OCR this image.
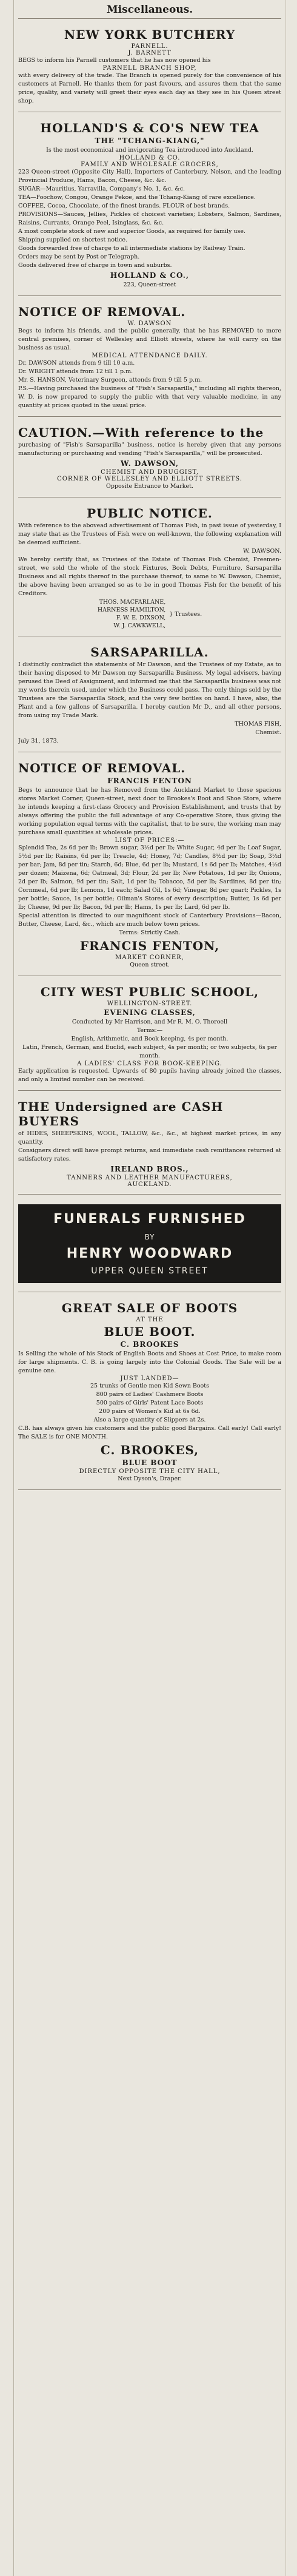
Miscellaneous.
NEW YORK BUTCHERY
PARNELL.
J. BARNETT

BEGS to inform his Parnell customers that he has now opened his

PARNELL BRANCH SHOP,

with every delivery of the trade. The Branch is opened purely for the convenience of his customers at Parnell. He thanks them for past favours, and assures them that the same price, quality, and variety will greet their eyes each day as they see in his Queen street shop.

HOLLAND'S & CO'S NEW TEA
THE "TCHANG-KIANG,"

Is the most economical and invigorating Tea introduced into Auckland.

HOLLAND & CO.
FAMILY AND WHOLESALE GROCERS,

223 Queen-street (Opposite City Hall), Importers of Canterbury, Nelson, and the leading Provincial Produce, Hams, Bacon, Cheese, &c. &c.

SUGAR—Mauritius, Yarravilla, Company's No. 1, &c. &c.

TEA—Foochow, Congou, Orange Pekoe, and the Tchang-Kiang of rare excellence.

COFFEE, Cocoa, Chocolate, of the finest brands. FLOUR of best brands.

PROVISIONS—Sauces, Jellies, Pickles of choicest varieties; Lobsters, Salmon, Sardines, Raisins, Currants, Orange Peel, Isinglass, &c. &c.

A most complete stock of new and superior Goods, as required for family use.

Shipping supplied on shortest notice.

Goods forwarded free of charge to all intermediate stations by Railway Train.

Orders may be sent by Post or Telegraph.

Goods delivered free of charge in town and suburbs.

HOLLAND & CO.,

223, Queen-street

NOTICE OF REMOVAL.
W. DAWSON

Begs to inform his friends, and the public generally, that he has REMOVED to more central premises, corner of Wellesley and Elliott streets, where he will carry on the business as usual.

MEDICAL ATTENDANCE DAILY.

Dr. DAWSON attends from 9 till 10 a.m.

Dr. WRIGHT attends from 12 till 1 p.m.

Mr. S. HANSON, Veterinary Surgeon, attends from 9 till 5 p.m.

P.S.—Having purchased the business of "Fish's Sarsaparilla," including all rights thereon, W. D. is now prepared to supply the public with that very valuable medicine, in any quantity at prices quoted in the usual price.

CAUTION.—With reference to the

purchasing of "Fish's Sarsaparilla" business, notice is hereby given that any persons manufacturing or purchasing and vending "Fish's Sarsaparilla," will be prosecuted.

W. DAWSON,
CHEMIST AND DRUGGIST,
CORNER OF WELLESLEY AND ELLIOTT STREETS.

Opposite Entrance to Market.

PUBLIC NOTICE.

With reference to the abovead advertisement of Thomas Fish, in past issue of yesterday, I may state that as the Trustees of Fish were on well-known, the following explanation will be deemed sufficient.

W. DAWSON.

We hereby certify that, as Trustees of the Estate of Thomas Fish Chemist, Freemen-street, we sold the whole of the stock Fixtures, Book Debts, Furniture, Sarsaparilla Business and all rights thereof in the purchase thereof, to same to W. Dawson, Chemist, the above having been arranged so as to be in good Thomas Fish for the benefit of his Creditors.

THOS. MACFARLANE,
HARNESS HAMILTON,
F. W. E. DIXSON,
W. J. CAWKWELL,
} Trustees.
SARSAPARILLA.

I distinctly contradict the statements of Mr Dawson, and the Trustees of my Estate, as to their having disposed to Mr Dawson my Sarsaparilla Business. My legal advisers, having perused the Deed of Assignment, and informed me that the Sarsaparilla business was not my words therein used, under which the Business could pass. The only things sold by the Trustees are the Sarsaparilla Stock, and the very few bottles on hand. I have, also, the Plant and a few gallons of Sarsaparilla. I hereby caution Mr D., and all other persons, from using my Trade Mark.

THOMAS FISH,

Chemist.

July 31, 1873.

NOTICE OF REMOVAL.
FRANCIS FENTON

Begs to announce that he has Removed from the Auckland Market to those spacious stores Market Corner, Queen-street, next door to Brookes's Boot and Shoe Store, where he intends keeping a first-class Grocery and Provision Establishment, and trusts that by always offering the public the full advantage of any Co-operative Store, thus giving the working population equal terms with the capitalist, that to be sure, the working man may purchase small quantities at wholesale prices.

LIST OF PRICES:—

Splendid Tea, 2s 6d per lb; Brown sugar, 3½d per lb; White Sugar, 4d per lb; Loaf Sugar, 5½d per lb; Raisins, 6d per lb; Treacle, 4d; Honey, 7d; Candles, 8½d per lb; Soap, 3½d per bar; Jam, 8d per tin; Starch, 6d; Blue, 6d per lb; Mustard, 1s 6d per lb; Matches, 4½d per dozen; Maizena, 6d; Oatmeal, 3d; Flour, 2d per lb; New Potatoes, 1d per lb; Onions, 2d per lb; Salmon, 9d per tin; Salt, 1d per lb; Tobacco, 5d per lb; Sardines, 8d per tin; Cornmeal, 6d per lb; Lemons, 1d each; Salad Oil, 1s 6d; Vinegar, 8d per quart; Pickles, 1s per bottle; Sauce, 1s per bottle; Oilman's Stores of every description; Butter, 1s 6d per lb; Cheese, 9d per lb; Bacon, 9d per lb; Hams, 1s per lb; Lard, 6d per lb.

Special attention is directed to our magnificent stock of Canterbury Provisions—Bacon, Butter, Cheese, Lard, &c., which are much below town prices.

Terms: Strictly Cash.

FRANCIS FENTON,
MARKET CORNER,

Queen street.

CITY WEST PUBLIC SCHOOL,
WELLINGTON-STREET.
EVENING CLASSES,

Conducted by Mr Harrison, and Mr R. M. O. Thoroell

Terms:—

English, Arithmetic, and Book keeping, 4s per month.

Latin, French, German, and Euclid, each subject, 4s per month; or two subjects, 6s per month.

A LADIES' CLASS FOR BOOK-KEEPING.

Early application is requested. Upwards of 80 pupils having already joined the classes, and only a limited number can be received.

THE Undersigned are CASH BUYERS

of HIDES, SHEEPSKINS, WOOL, TALLOW, &c., &c., at highest market prices, in any quantity.

Consigners direct will have prompt returns, and immediate cash remittances returned at satisfactory rates.

IRELAND BROS.,
TANNERS AND LEATHER MANUFACTURERS,
AUCKLAND.
FUNERALS FURNISHED
BY
HENRY WOODWARD
UPPER QUEEN STREET
GREAT SALE OF BOOTS
AT THE
BLUE BOOT.
C. BROOKES

Is Selling the whole of his Stock of English Boots and Shoes at Cost Price, to make room for large shipments. C. B. is going largely into the Colonial Goods. The Sale will be a genuine one.

JUST LANDED—

25 trunks of Gentle men Kid Sewn Boots

800 pairs of Ladies' Cashmere Boots

500 pairs of Girls' Patent Lace Boots

200 pairs of Women's Kid at 6s 6d.

Also a large quantity of Slippers at 2s.

C.B. has always given his customers and the public good Bargains. Call early! Call early! The SALE is for ONE MONTH.

C. BROOKES,
BLUE BOOT
DIRECTLY OPPOSITE THE CITY HALL,

Next Dyson's, Draper.
